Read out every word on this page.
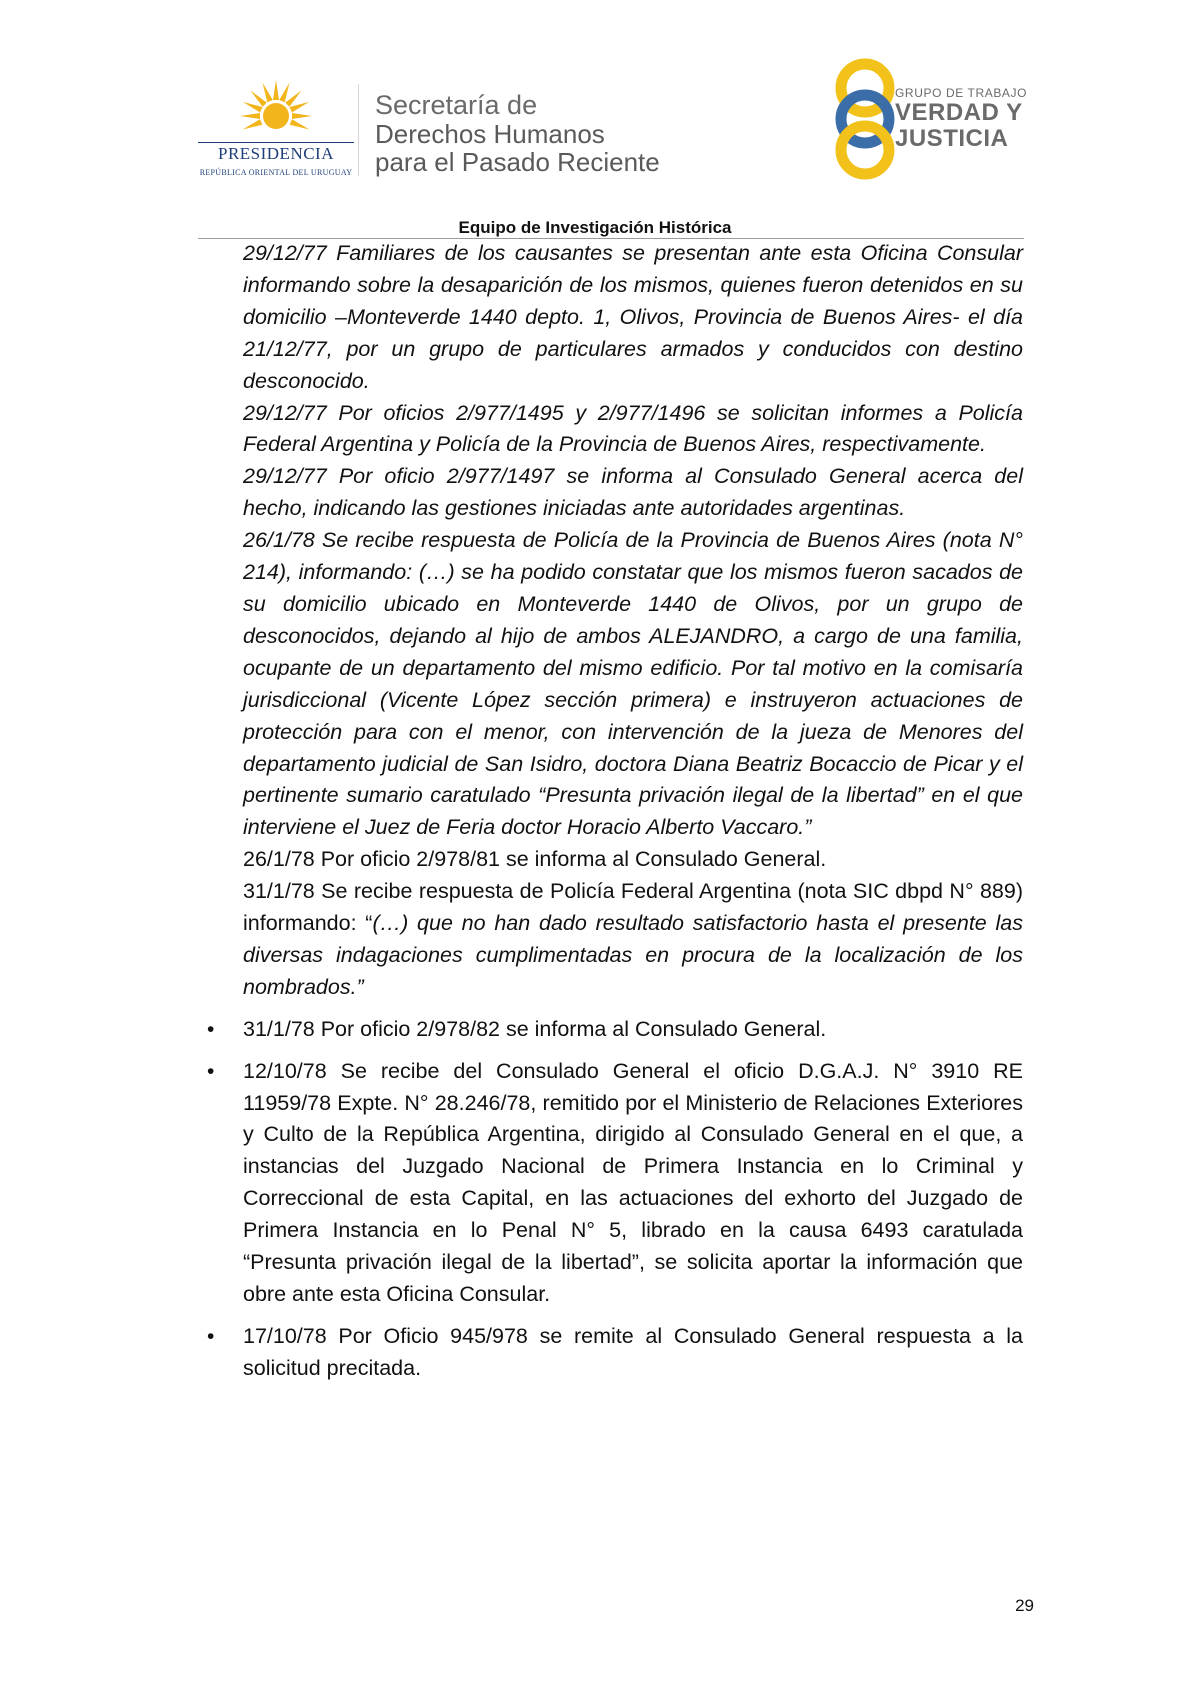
PRESIDENCIA
REPÚBLICA ORIENTAL DEL URUGUAY
Secretaría de
Derechos Humanos
para el Pasado Reciente
GRUPO DE TRABAJO
VERDAD Y
JUSTICIA
Equipo de Investigación Histórica

29/12/77 Familiares de los causantes se presentan ante esta Oficina Consular informando sobre la desaparición de los mismos, quienes fueron detenidos en su domicilio –Monteverde 1440 depto. 1, Olivos, Provincia de Buenos Aires- el día 21/12/77, por un grupo de particulares armados y conducidos con destino desconocido.

29/12/77 Por oficios 2/977/1495 y 2/977/1496 se solicitan informes a Policía Federal Argentina y Policía de la Provincia de Buenos Aires, respectivamente.

29/12/77 Por oficio 2/977/1497 se informa al Consulado General acerca del hecho, indicando las gestiones iniciadas ante autoridades argentinas.

26/1/78 Se recibe respuesta de Policía de la Provincia de Buenos Aires (nota N° 214), informando: (…) se ha podido constatar que los mismos fueron sacados de su domicilio ubicado en Monteverde 1440 de Olivos, por un grupo de desconocidos, dejando al hijo de ambos ALEJANDRO, a cargo de una familia, ocupante de un departamento del mismo edificio. Por tal motivo en la comisaría jurisdiccional (Vicente López sección primera) e instruyeron actuaciones de protección para con el menor, con intervención de la jueza de Menores del departamento judicial de San Isidro, doctora Diana Beatriz Bocaccio de Picar y el pertinente sumario caratulado “Presunta privación ilegal de la libertad” en el que interviene el Juez de Feria doctor Horacio Alberto Vaccaro.”

26/1/78 Por oficio 2/978/81 se informa al Consulado General.

31/1/78 Se recibe respuesta de Policía Federal Argentina (nota SIC dbpd N° 889) informando: “(…) que no han dado resultado satisfactorio hasta el presente las diversas indagaciones cumplimentadas en procura de la localización de los nombrados.”

• 31/1/78 Por oficio 2/978/82 se informa al Consulado General.

• 12/10/78 Se recibe del Consulado General el oficio D.G.A.J. N° 3910 RE 11959/78 Expte. N° 28.246/78, remitido por el Ministerio de Relaciones Exteriores y Culto de la República Argentina, dirigido al Consulado General en el que, a instancias del Juzgado Nacional de Primera Instancia en lo Criminal y Correccional de esta Capital, en las actuaciones del exhorto del Juzgado de Primera Instancia en lo Penal N° 5, librado en la causa 6493 caratulada “Presunta privación ilegal de la libertad”, se solicita aportar la información que obre ante esta Oficina Consular.

• 17/10/78 Por Oficio 945/978 se remite al Consulado General respuesta a la solicitud precitada.

29
